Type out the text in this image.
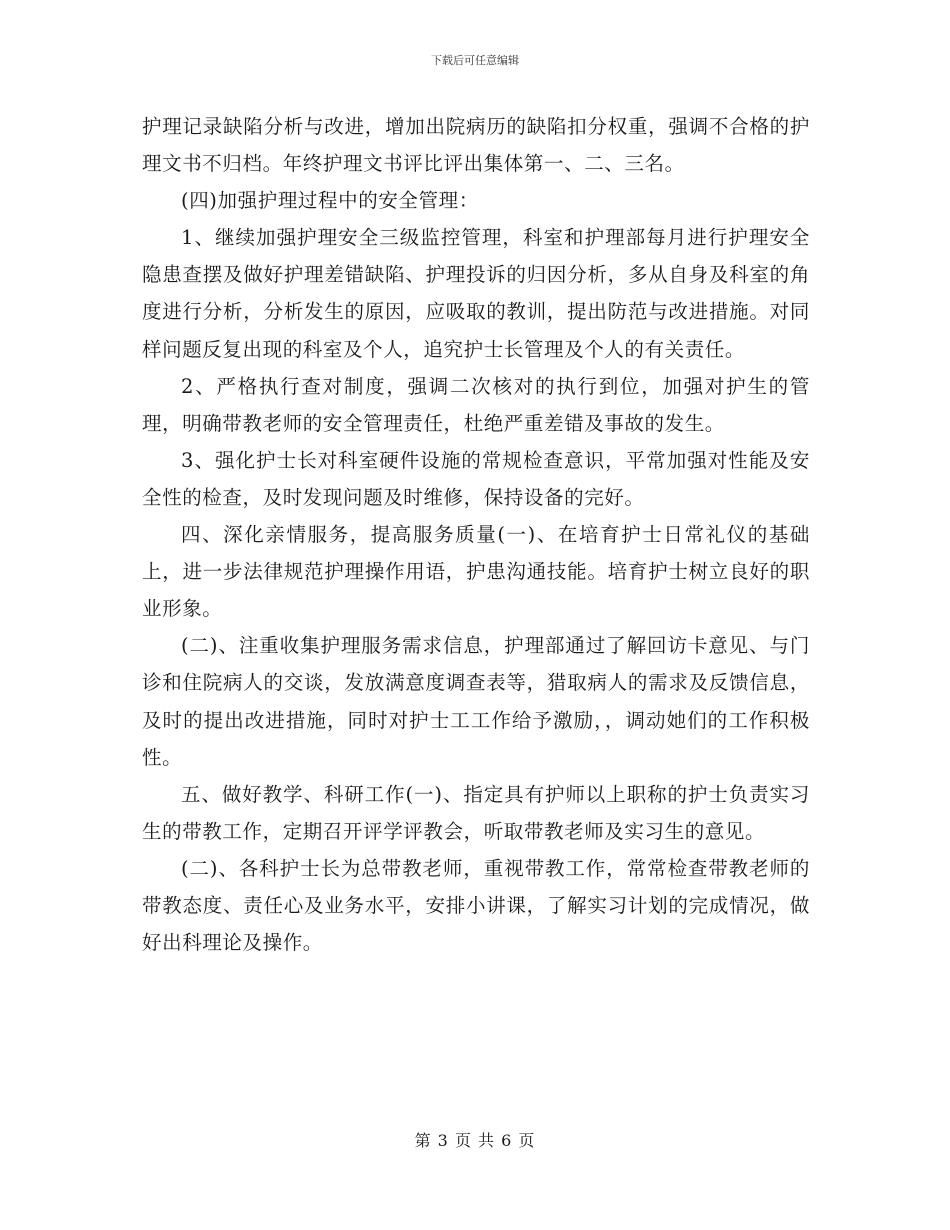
下载后可任意编辑

护理记录缺陷分析与改进，增加出院病历的缺陷扣分权重，强调不合格的护理文书不归档。年终护理文书评比评出集体第一、二、三名。

(四)加强护理过程中的安全管理：

1、继续加强护理安全三级监控管理，科室和护理部每月进行护理安全隐患查摆及做好护理差错缺陷、护理投诉的归因分析，多从自身及科室的角度进行分析，分析发生的原因，应吸取的教训，提出防范与改进措施。对同样问题反复出现的科室及个人，追究护士长管理及个人的有关责任。

2、严格执行查对制度，强调二次核对的执行到位，加强对护生的管理，明确带教老师的安全管理责任，杜绝严重差错及事故的发生。

3、强化护士长对科室硬件设施的常规检查意识，平常加强对性能及安全性的检查，及时发现问题及时维修，保持设备的完好。

四、深化亲情服务，提高服务质量(一)、在培育护士日常礼仪的基础上，进一步法律规范护理操作用语，护患沟通技能。培育护士树立良好的职业形象。

(二)、注重收集护理服务需求信息，护理部通过了解回访卡意见、与门诊和住院病人的交谈，发放满意度调查表等，猎取病人的需求及反馈信息，及时的提出改进措施，同时对护士工工作给予激励，，调动她们的工作积极性。

五、做好教学、科研工作(一)、指定具有护师以上职称的护士负责实习生的带教工作，定期召开评学评教会，听取带教老师及实习生的意见。

(二)、各科护士长为总带教老师，重视带教工作，常常检查带教老师的带教态度、责任心及业务水平，安排小讲课，了解实习计划的完成情况，做好出科理论及操作。

第 3 页 共 6 页
